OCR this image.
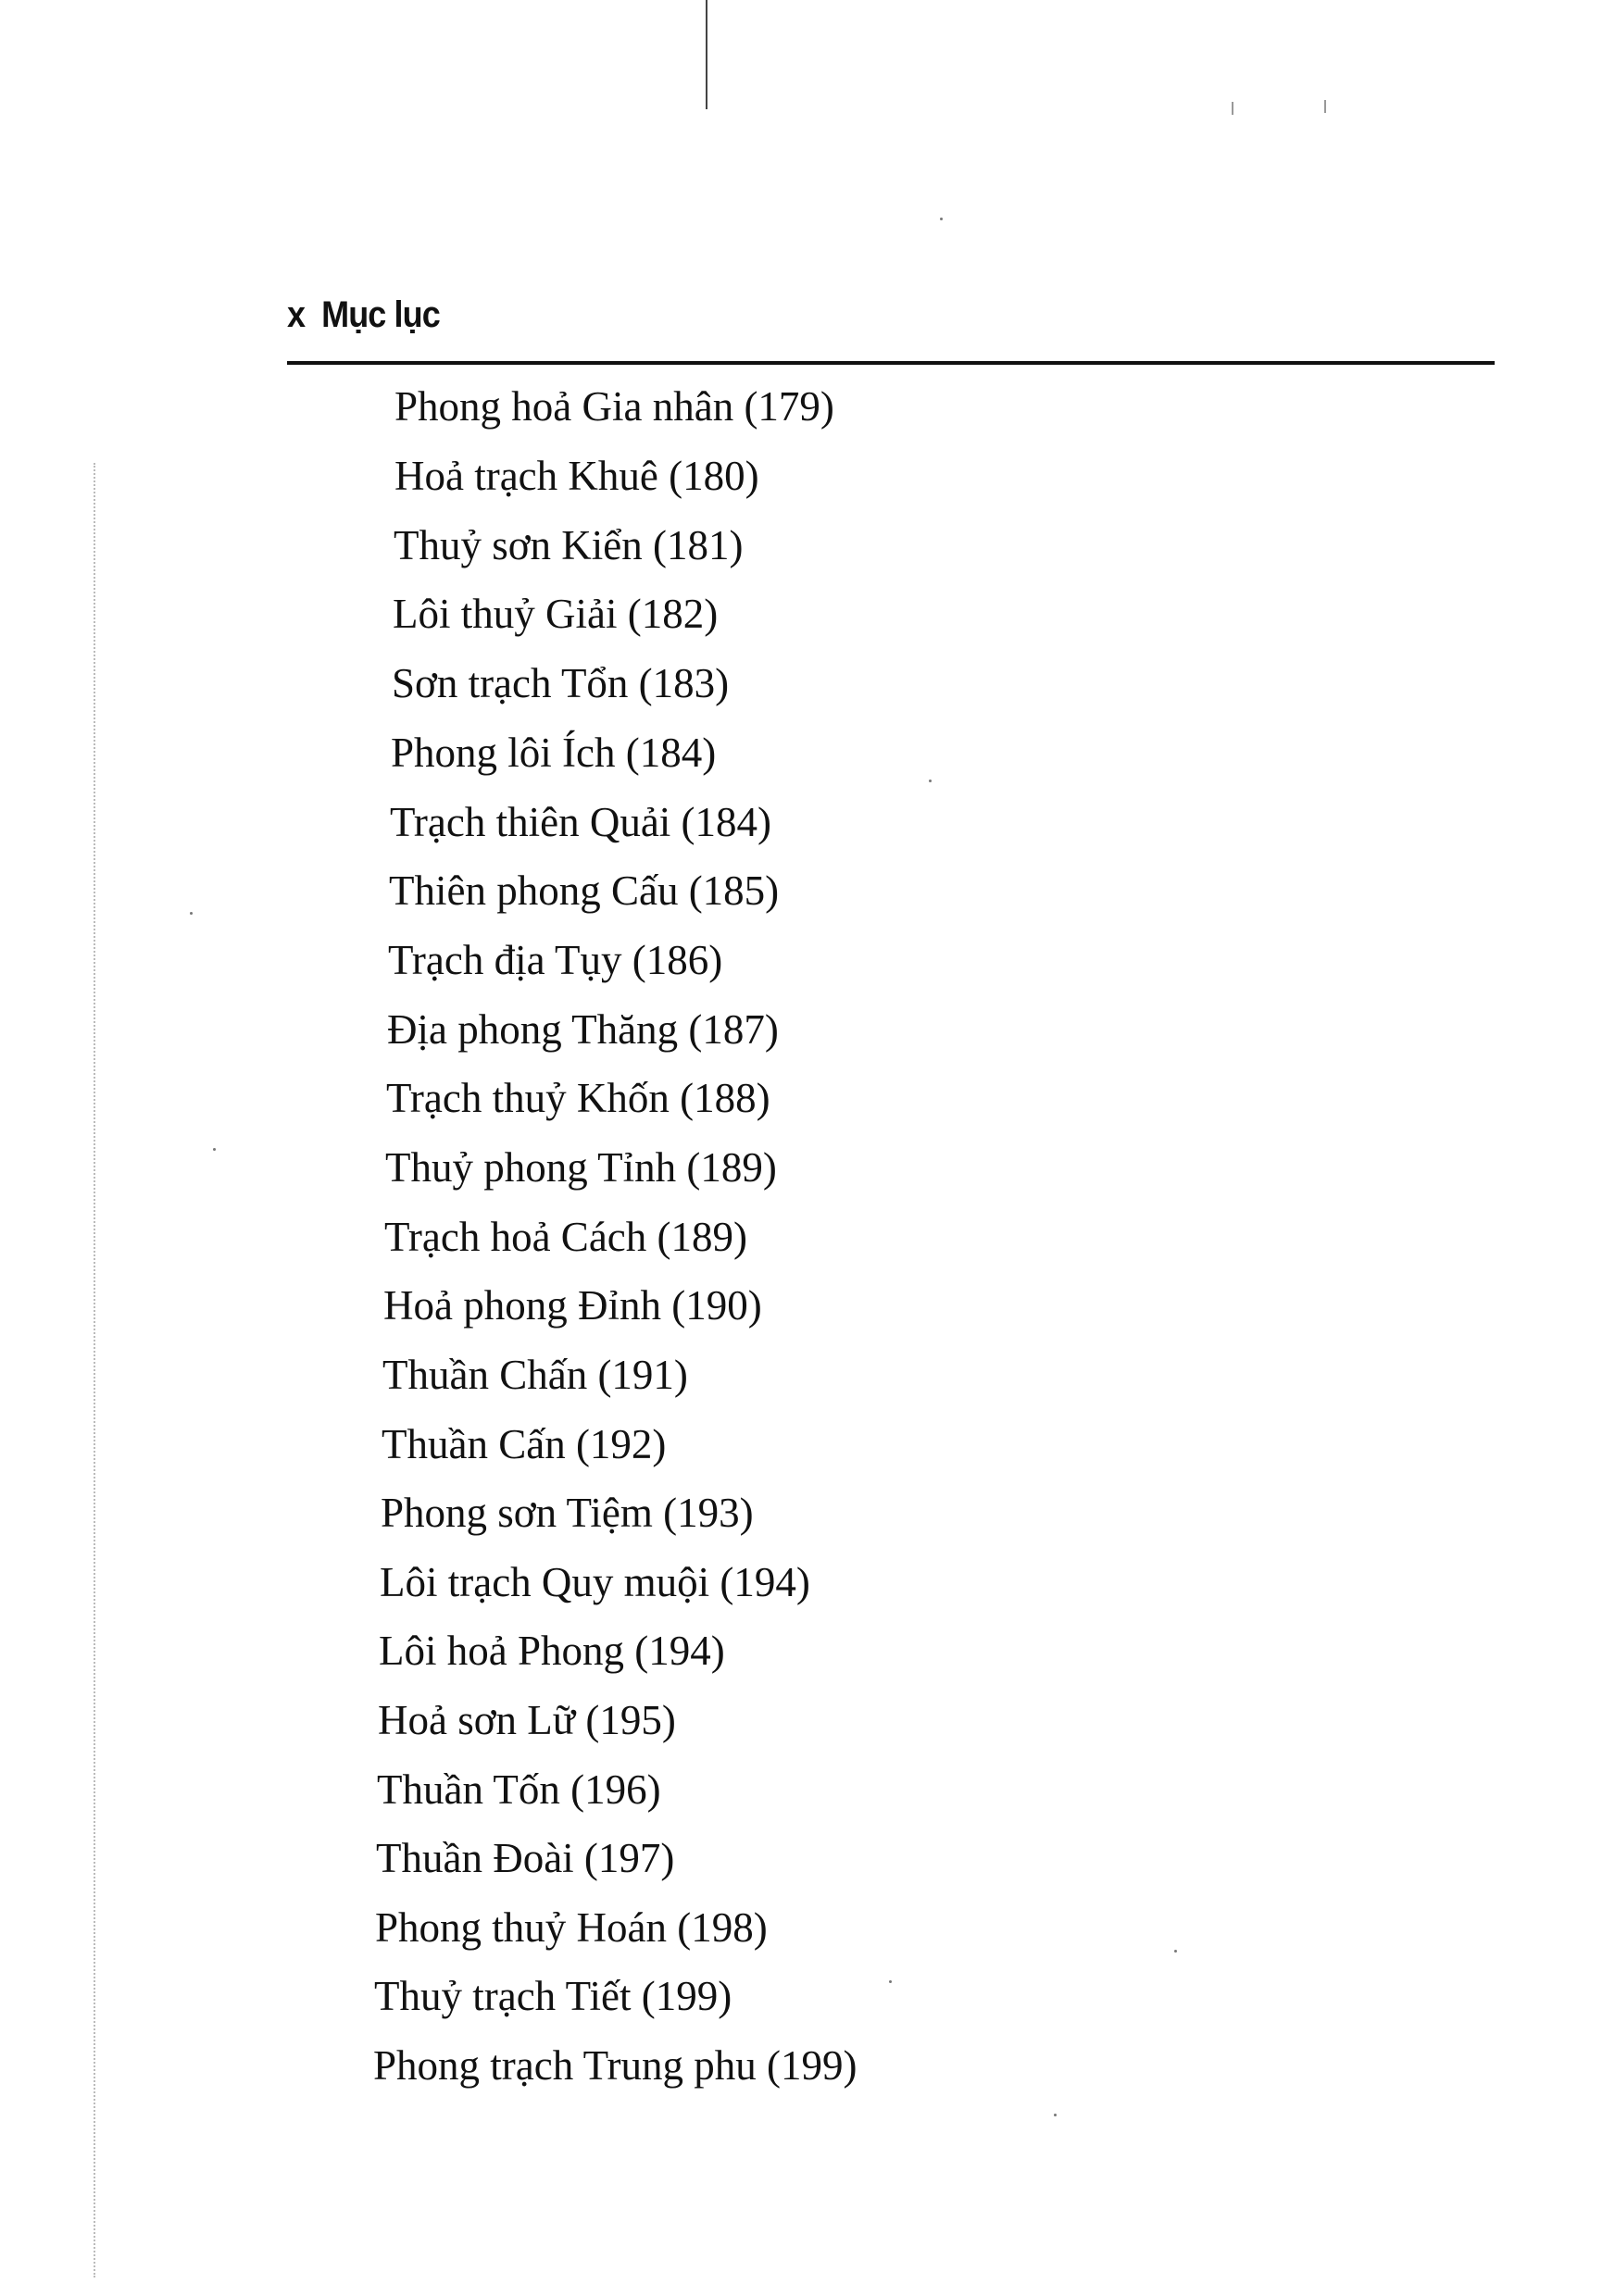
x Mục lục
Phong hoả Gia nhân (179)
Hoả trạch Khuê (180)
Thuỷ sơn Kiển (181)
Lôi thuỷ Giải (182)
Sơn trạch Tổn (183)
Phong lôi Ích (184)
Trạch thiên Quải (184)
Thiên phong Cấu (185)
Trạch địa Tụy (186)
Địa phong Thăng (187)
Trạch thuỷ Khốn (188)
Thuỷ phong Tỉnh (189)
Trạch hoả Cách (189)
Hoả phong Đỉnh (190)
Thuần Chấn (191)
Thuần Cấn (192)
Phong sơn Tiệm (193)
Lôi trạch Quy muội (194)
Lôi hoả Phong (194)
Hoả sơn Lữ (195)
Thuần Tốn (196)
Thuần Đoài (197)
Phong thuỷ Hoán (198)
Thuỷ trạch Tiết (199)
Phong trạch Trung phu (199)
